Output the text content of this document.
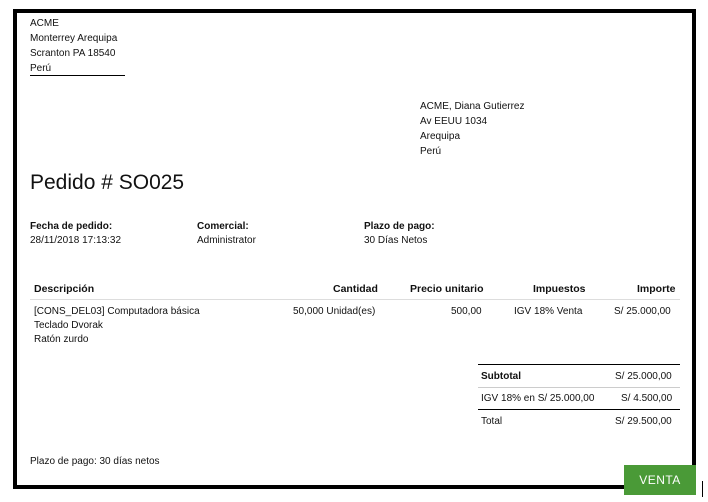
ACME
Monterrey Arequipa
Scranton PA 18540
Perú
ACME, Diana Gutierrez
Av EEUU 1034
Arequipa
Perú
Pedido # SO025
Fecha de pedido:
28/11/2018 17:13:32
Comercial:
Administrator
Plazo de pago:
30 Días Netos
Descripción	Cantidad	Precio unitario	Impuestos	Importe
[CONS_DEL03] Computadora básica
Teclado Dvorak
Ratón zurdo
50,000 Unidad(es)	500,00	IGV 18% Venta	S/ 25.000,00
Subtotal	S/ 25.000,00
IGV 18% en S/ 25.000,00	S/ 4.500,00
Total	S/ 29.500,00
Plazo de pago: 30 días netos
VENTA
